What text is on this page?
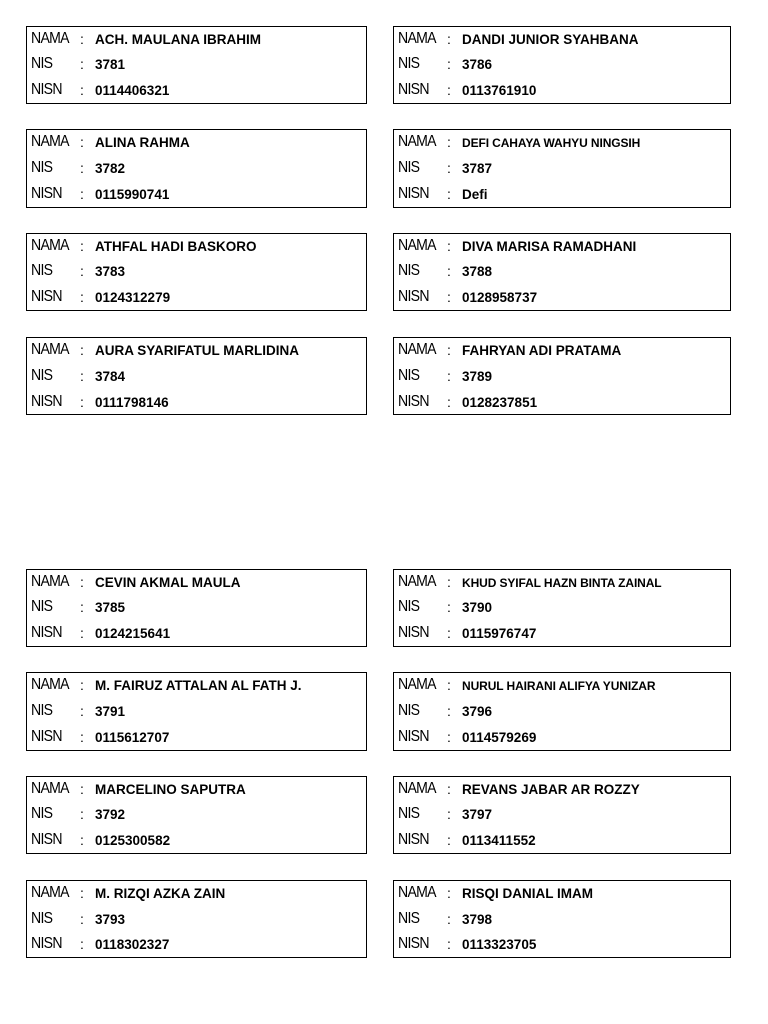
NAMA : ACH. MAULANA IBRAHIM
NIS : 3781
NISN : 0114406321
NAMA : DANDI JUNIOR SYAHBANA
NIS : 3786
NISN : 0113761910
NAMA : ALINA RAHMA
NIS : 3782
NISN : 0115990741
NAMA : DEFI CAHAYA WAHYU NINGSIH
NIS : 3787
NISN : Defi
NAMA : ATHFAL HADI BASKORO
NIS : 3783
NISN : 0124312279
NAMA : DIVA MARISA RAMADHANI
NIS : 3788
NISN : 0128958737
NAMA : AURA SYARIFATUL MARLIDINA
NIS : 3784
NISN : 0111798146
NAMA : FAHRYAN ADI PRATAMA
NIS : 3789
NISN : 0128237851
NAMA : CEVIN AKMAL MAULA
NIS : 3785
NISN : 0124215641
NAMA : KHUD SYIFAL HAZN BINTA ZAINAL
NIS : 3790
NISN : 0115976747
NAMA : M. FAIRUZ ATTALAN AL FATH J.
NIS : 3791
NISN : 0115612707
NAMA : NURUL HAIRANI ALIFYA YUNIZAR
NIS : 3796
NISN : 0114579269
NAMA : MARCELINO SAPUTRA
NIS : 3792
NISN : 0125300582
NAMA : REVANS JABAR AR ROZZY
NIS : 3797
NISN : 0113411552
NAMA : M. RIZQI AZKA ZAIN
NIS : 3793
NISN : 0118302327
NAMA : RISQI DANIAL IMAM
NIS : 3798
NISN : 0113323705
